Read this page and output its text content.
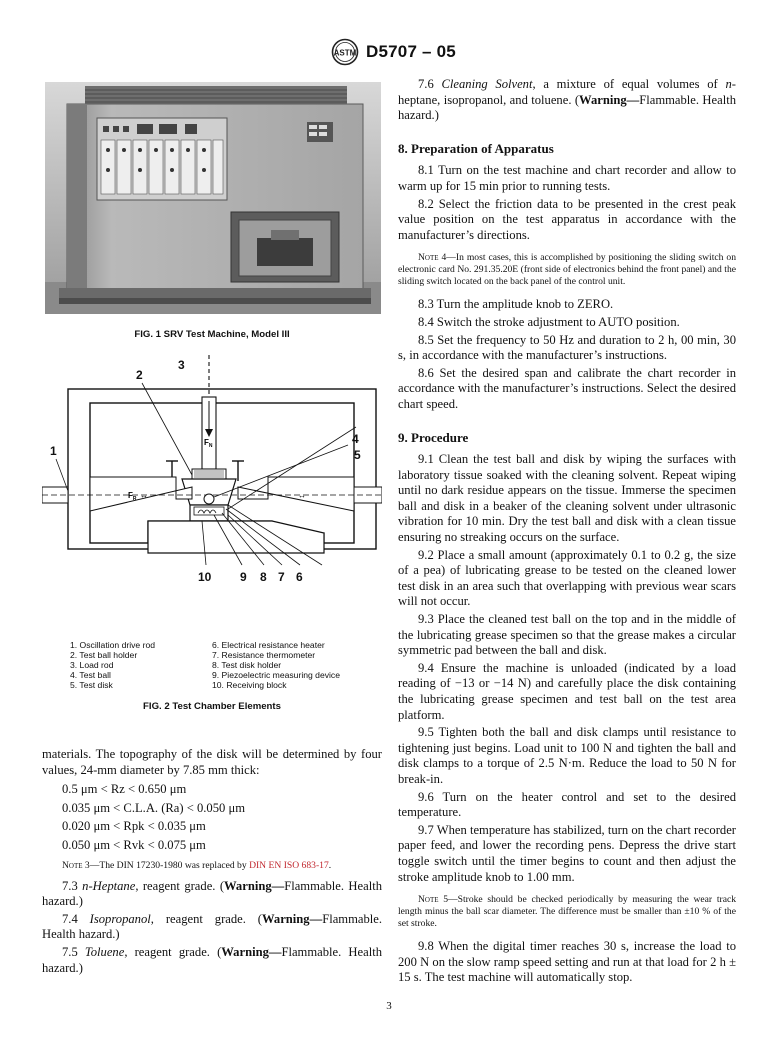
ASTM D5707 – 05
FIG. 1 SRV Test Machine, Model III
$F_N$
$F_R$ ↔	↔
2
3
1
4
5
10 9 8 7 6
1. Oscillation drive rod
2. Test ball holder
3. Load rod
4. Test ball
5. Test disk
6. Electrical resistance heater
7. Resistance thermometer
8. Test disk holder
9. Piezoelectric measuring device
10. Receiving block
FIG. 2 Test Chamber Elements

materials. The topography of the disk will be determined by four values, 24-mm diameter by 7.85 mm thick:

0.5 μm < Rz < 0.650 μm

0.035 μm < C.L.A. (Ra) < 0.050 μm

0.020 μm < Rpk < 0.035 μm

0.050 μm < Rvk < 0.075 μm

Note 3—The DIN 17230-1980 was replaced by DIN EN ISO 683-17.

7.3 n-Heptane, reagent grade. (Warning—Flammable. Health hazard.)

7.4 Isopropanol, reagent grade. (Warning—Flammable. Health hazard.)

7.5 Toluene, reagent grade. (Warning—Flammable. Health hazard.)

7.6 Cleaning Solvent, a mixture of equal volumes of n-heptane, isopropanol, and toluene. (Warning—Flammable. Health hazard.)

8. Preparation of Apparatus

8.1 Turn on the test machine and chart recorder and allow to warm up for 15 min prior to running tests.

8.2 Select the friction data to be presented in the crest peak value position on the test apparatus in accordance with the manufacturer’s directions.

Note 4—In most cases, this is accomplished by positioning the sliding switch on electronic card No. 291.35.20E (front side of electronics behind the front panel) and the sliding switch located on the back panel of the control unit.

8.3 Turn the amplitude knob to ZERO.

8.4 Switch the stroke adjustment to AUTO position.

8.5 Set the frequency to 50 Hz and duration to 2 h, 00 min, 30 s, in accordance with the manufacturer’s instructions.

8.6 Set the desired span and calibrate the chart recorder in accordance with the manufacturer’s instructions. Select the desired chart speed.

9. Procedure

9.1 Clean the test ball and disk by wiping the surfaces with laboratory tissue soaked with the cleaning solvent. Repeat wiping until no dark residue appears on the tissue. Immerse the specimen ball and disk in a beaker of the cleaning solvent under ultrasonic vibration for 10 min. Dry the test ball and disk with a clean tissue ensuring no streaking occurs on the surface.

9.2 Place a small amount (approximately 0.1 to 0.2 g, the size of a pea) of lubricating grease to be tested on the cleaned lower test disk in an area such that overlapping with previous wear scars will not occur.

9.3 Place the cleaned test ball on the top and in the middle of the lubricating grease specimen so that the grease makes a circular symmetric pad between the ball and disk.

9.4 Ensure the machine is unloaded (indicated by a load reading of −13 or −14 N) and carefully place the disk containing the lubricating grease specimen and test ball on the test area platform.

9.5 Tighten both the ball and disk clamps until resistance to tightening just begins. Load unit to 100 N and tighten the ball and disk clamps to a torque of 2.5 N·m. Reduce the load to 50 N for break-in.

9.6 Turn on the heater control and set to the desired temperature.

9.7 When temperature has stabilized, turn on the chart recorder paper feed, and lower the recording pens. Depress the drive start toggle switch until the timer begins to count and then adjust the stroke amplitude knob to 1.00 mm.

Note 5—Stroke should be checked periodically by measuring the wear track length minus the ball scar diameter. The difference must be smaller than ±10 % of the set stroke.

9.8 When the digital timer reaches 30 s, increase the load to 200 N on the slow ramp speed setting and run at that load for 2 h ± 15 s. The test machine will automatically stop.

3
